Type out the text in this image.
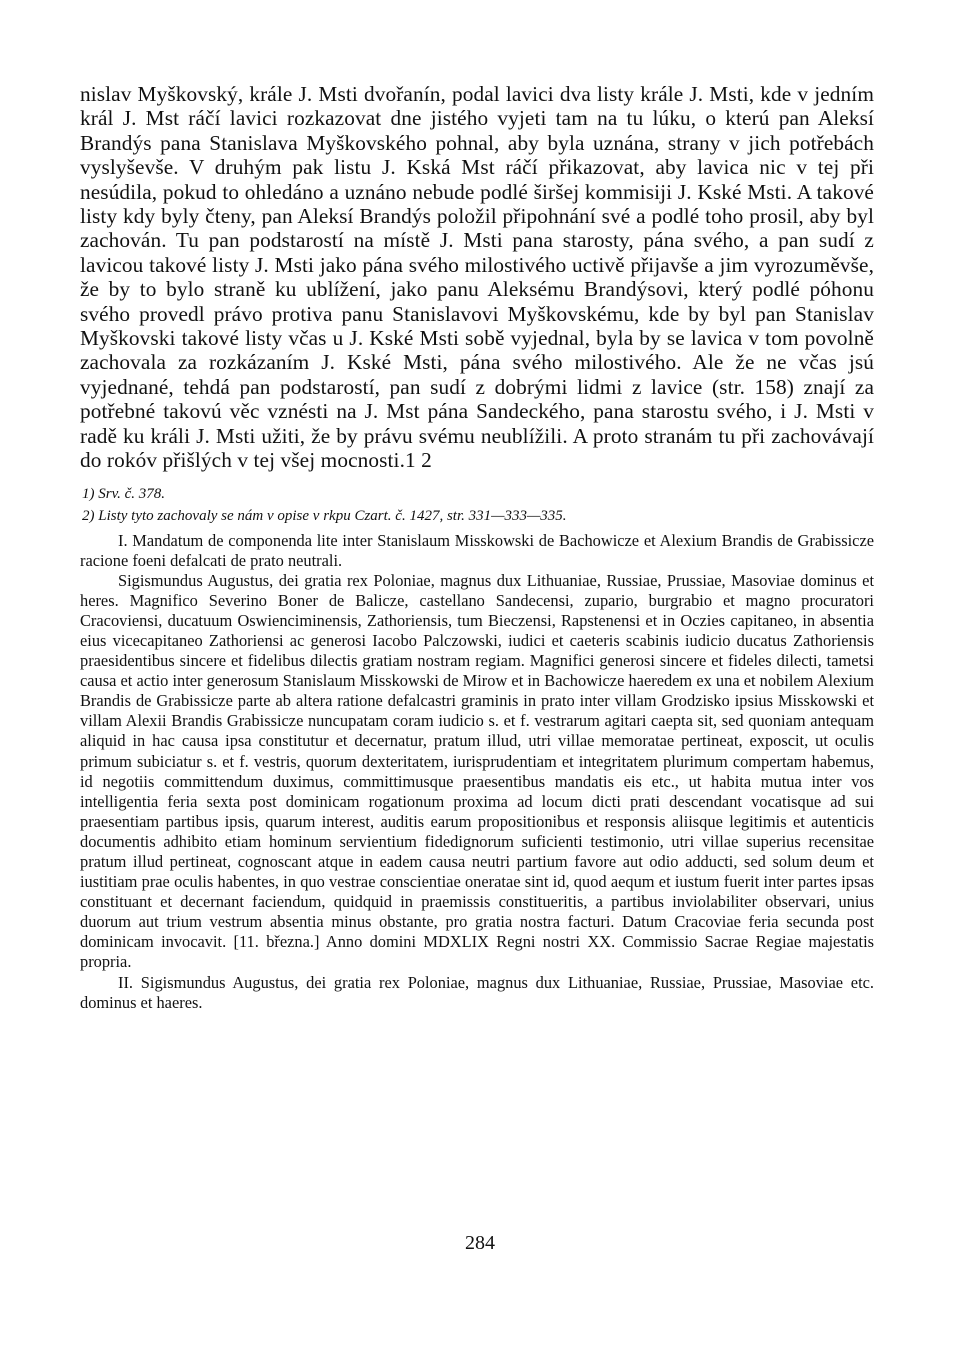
nislav Myškovský, krále J. Msti dvořanín, podal lavici dva listy krále J. Msti, kde v jedním král J. Mst ráčí lavici rozkazovat dne jistého vyjeti tam na tu lúku, o kterú pan Aleksí Brandýs pana Stanislava Myškovského pohnal, aby byla uznána, strany v jich potřebách vyslyševše. V druhým pak listu J. Kská Mst ráčí přikazovat, aby lavica nic v tej při nesúdila, pokud to ohledáno a uznáno nebude podlé širšej kommisiji J. Kské Msti. A takové listy kdy byly čteny, pan Aleksí Brandýs položil připohnání své a podlé toho prosil, aby byl zachován. Tu pan podstarostí na místě J. Msti pana starosty, pána svého, a pan sudí z lavicou takové listy J. Msti jako pána svého milostivého uctivě přijavše a jim vyrozuměvše, že by to bylo straně ku ublížení, jako panu Aleksému Brandýsovi, který podlé póhonu svého provedl právo protiva panu Stanislavovi Myškovskému, kde by byl pan Stanislav Myškovski takové listy včas u J. Kské Msti sobě vyjednal, byla by se lavica v tom povolně zachovala za rozkázaním J. Kské Msti, pána svého milostivého. Ale že ne včas jsú vyjednané, tehdá pan podstarostí, pan sudí z dobrými lidmi z lavice (str. 158) znají za potřebné takovú věc vznésti na J. Mst pána Sandeckého, pana starostu svého, i J. Msti v radě ku králi J. Msti užiti, že by právu svému neublížili. A proto stranám tu při zachovávají do rokóv přišlých v tej všej mocnosti.1 2

1) Srv. č. 378.

2) Listy tyto zachovaly se nám v opise v rkpu Czart. č. 1427, str. 331—333—335.

I. Mandatum de componenda lite inter Stanislaum Misskowski de Bachowicze et Alexium Brandis de Grabissicze racione foeni defalcati de prato neutrali.

Sigismundus Augustus, dei gratia rex Poloniae, magnus dux Lithuaniae, Russiae, Prussiae, Masoviae dominus et heres. Magnifico Severino Boner de Balicze, castellano Sandecensi, zupario, burgrabio et magno procuratori Cracoviensi, ducatuum Oswienciminensis, Zathoriensis, tum Bieczensi, Rapstenensi et in Oczies capitaneo, in absentia eius vicecapitaneo Zathoriensi ac generosi Iacobo Palczowski, iudici et caeteris scabinis iudicio ducatus Zathoriensis praesidentibus sincere et fidelibus dilectis gratiam nostram regiam. Magnifici generosi sincere et fideles dilecti, tametsi causa et actio inter generosum Stanislaum Misskowski de Mirow et in Bachowicze haeredem ex una et nobilem Alexium Brandis de Grabissicze parte ab altera ratione defalcastri graminis in prato inter villam Grodzisko ipsius Misskowski et villam Alexii Brandis Grabissicze nuncupatam coram iudicio s. et f. vestrarum agitari caepta sit, sed quoniam antequam aliquid in hac causa ipsa constitutur et decernatur, pratum illud, utri villae memoratae pertineat, exposcit, ut oculis primum subiciatur s. et f. vestris, quorum dexteritatem, iurisprudentiam et integritatem plurimum compertam habemus, id negotiis committendum duximus, committimusque praesentibus mandatis eis etc., ut habita mutua inter vos intelligentia feria sexta post dominicam rogationum proxima ad locum dicti prati descendant vocatisque ad sui praesentiam partibus ipsis, quarum interest, auditis earum propositionibus et responsis aliisque legitimis et autenticis documentis adhibito etiam hominum servientium fidedignorum suficienti testimonio, utri villae superius recensitae pratum illud pertineat, cognoscant atque in eadem causa neutri partium favore aut odio adducti, sed solum deum et iustitiam prae oculis habentes, in quo vestrae conscientiae oneratae sint id, quod aequm et iustum fuerit inter partes ipsas constituant et decernant faciendum, quidquid in praemissis constitueritis, a partibus inviolabiliter observari, unius duorum aut trium vestrum absentia minus obstante, pro gratia nostra facturi. Datum Cracoviae feria secunda post dominicam invocavit. [11. března.] Anno domini MDXLIX Regni nostri XX. Commissio Sacrae Regiae majestatis propria.

II. Sigismundus Augustus, dei gratia rex Poloniae, magnus dux Lithuaniae, Russiae, Prussiae, Masoviae etc. dominus et haeres.

284
